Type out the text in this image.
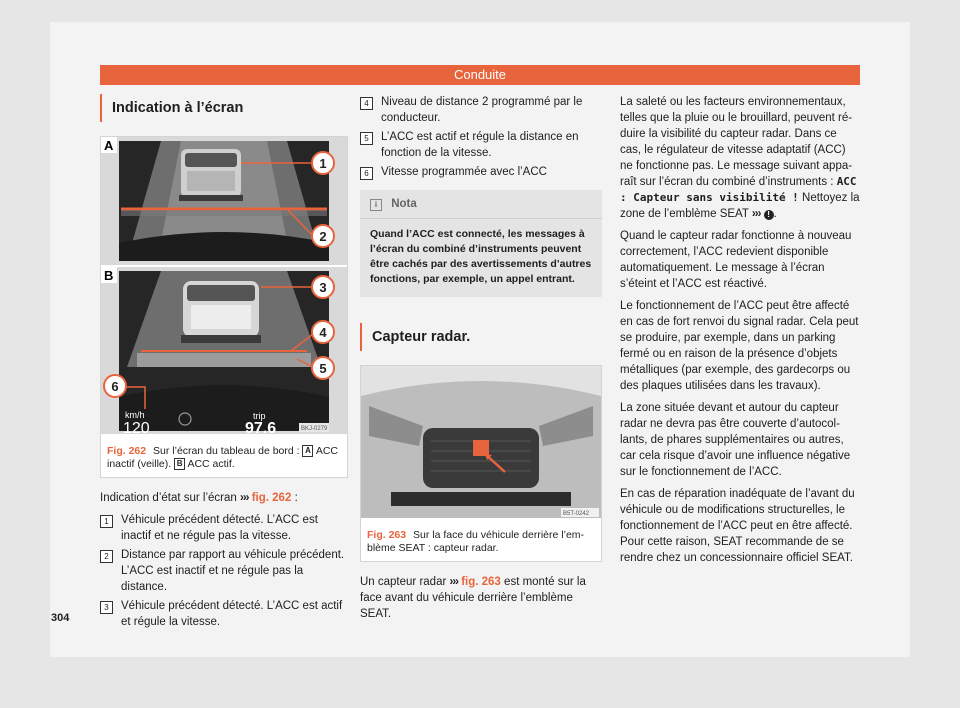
Conduite
Indication à l’écran
A
B
km/h
120
trip
97.6	BKJ-0279
1
2
3
4
5
6
Fig. 262 Sur l’écran du tableau de bord : A ACC inactif (veille). B ACC actif.

Indication d’état sur l’écran ››› fig. 262 :

1	Véhicule précédent détecté. L’ACC est inactif et ne régule pas la vitesse.
2	Distance par rapport au véhicule précédent. L’ACC est inactif et ne régule pas la distance.
3	Véhicule précédent détecté. L’ACC est actif et régule la vitesse.
4	Niveau de distance 2 programmé par le conducteur.
5	L’ACC est actif et régule la distance en fonction de la vitesse.
6	Vitesse programmée avec l’ACC
i Nota
Quand l’ACC est connecté, les messages à l’écran du combiné d’instruments peuvent être cachés par des avertissements d’autres fonctions, par exemple, un appel entrant.
Capteur radar.
B5T-0242
Fig. 263 Sur la face du véhicule derrière l’emblème SEAT : capteur radar.

Un capteur radar ››› fig. 263 est monté sur la face avant du véhicule derrière l’emblème SEAT.

La saleté ou les facteurs environnementaux, telles que la pluie ou le brouillard, peuvent réduire la visibilité du capteur radar. Dans ce cas, le régulateur de vitesse adaptatif (ACC) ne fonctionne pas. Le message suivant apparaît sur l’écran du combiné d’instruments : ACC : Capteur sans visibilité ! Nettoyez la zone de l’emblème SEAT ››› ! .

Quand le capteur radar fonctionne à nouveau correctement, l’ACC redevient disponible automatiquement. Le message à l’écran s’éteint et l’ACC est réactivé.

Le fonctionnement de l’ACC peut être affecté en cas de fort renvoi du signal radar. Cela peut se produire, par exemple, dans un parking fermé ou en raison de la présence d’objets métalliques (par exemple, des gardecorps ou des plaques utilisées dans les travaux).

La zone située devant et autour du capteur radar ne devra pas être couverte d’autocollants, de phares supplémentaires ou autres, car cela risque d’avoir une influence négative sur le fonctionnement de l’ACC.

En cas de réparation inadéquate de l’avant du véhicule ou de modifications structurelles, le fonctionnement de l’ACC peut en être affecté. Pour cette raison, SEAT recommande de se rendre chez un concessionnaire officiel SEAT.

304
